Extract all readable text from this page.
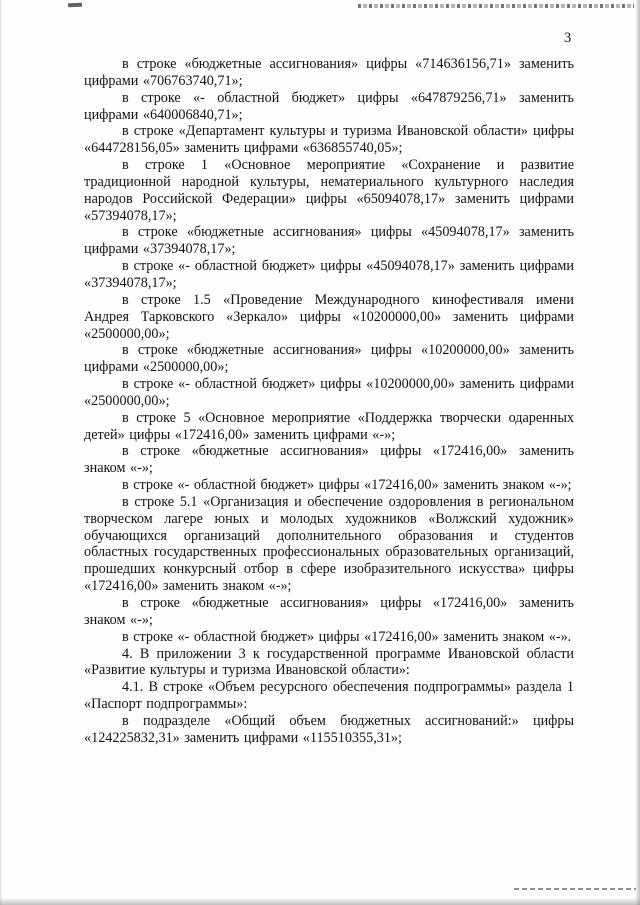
3

в строке «бюджетные ассигнования» цифры «714636156,71» заменить цифрами «706763740,71»;

в строке «- областной бюджет» цифры «647879256,71» заменить цифрами «640006840,71»;

в строке «Департамент культуры и туризма Ивановской области» цифры «644728156,05» заменить цифрами «636855740,05»;

в строке 1 «Основное мероприятие «Сохранение и развитие традиционной народной культуры, нематериального культурного наследия народов Российской Федерации» цифры «65094078,17» заменить цифрами «57394078,17»;

в строке «бюджетные ассигнования» цифры «45094078,17» заменить цифрами «37394078,17»;

в строке «- областной бюджет» цифры «45094078,17» заменить цифрами «37394078,17»;

в строке 1.5 «Проведение Международного кинофестиваля имени Андрея Тарковского «Зеркало» цифры «10200000,00» заменить цифрами «2500000,00»;

в строке «бюджетные ассигнования» цифры «10200000,00» заменить цифрами «2500000,00»;

в строке «- областной бюджет» цифры «10200000,00» заменить цифрами «2500000,00»;

в строке 5 «Основное мероприятие «Поддержка творчески одаренных детей» цифры «172416,00» заменить цифрами «-»;

в строке «бюджетные ассигнования» цифры «172416,00» заменить знаком «-»;

в строке «- областной бюджет» цифры «172416,00» заменить знаком «-»;

в строке 5.1 «Организация и обеспечение оздоровления в региональном творческом лагере юных и молодых художников «Волжский художник» обучающихся организаций дополнительного образования и студентов областных государственных профессиональных образовательных организаций, прошедших конкурсный отбор в сфере изобразительного искусства» цифры «172416,00» заменить знаком «-»;

в строке «бюджетные ассигнования» цифры «172416,00» заменить знаком «-»;

в строке «- областной бюджет» цифры «172416,00» заменить знаком «-».

4. В приложении 3 к государственной программе Ивановской области «Развитие культуры и туризма Ивановской области»:

4.1. В строке «Объем ресурсного обеспечения подпрограммы» раздела 1 «Паспорт подпрограммы»:

в подразделе «Общий объем бюджетных ассигнований:» цифры «124225832,31» заменить цифрами «115510355,31»;
